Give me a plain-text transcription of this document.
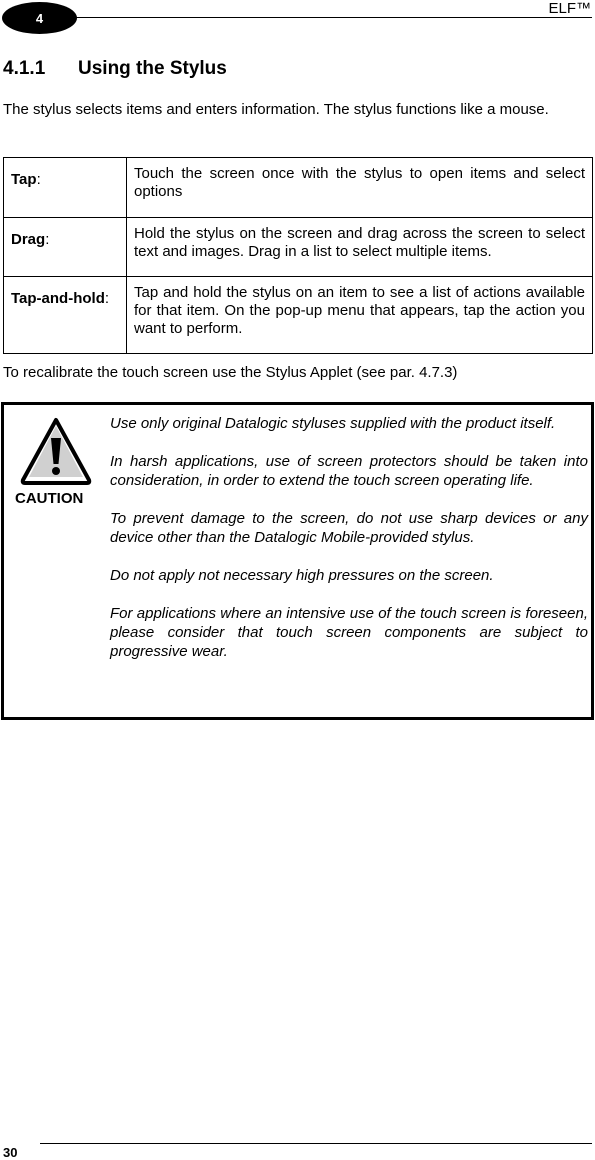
4
ELF™
4.1.1	Using the Stylus

The stylus selects items and enters information. The stylus functions like a mouse.

Tap:	Touch the screen once with the stylus to open items and select options
Drag:	Hold the stylus on the screen and drag across the screen to select text and images. Drag in a list to select multiple items.
Tap-and-hold:	Tap and hold the stylus on an item to see a list of actions available for that item. On the pop-up menu that appears, tap the action you want to perform.
To recalibrate the touch screen use the Stylus Applet (see par. 4.7.3)
CAUTION

Use only original Datalogic styluses supplied with the product itself.

In harsh applications, use of screen protectors should be taken into consideration, in order to extend the touch screen operating life.

To prevent damage to the screen, do not use sharp devices or any device other than the Datalogic Mobile-provided stylus.

Do not apply not necessary high pressures on the screen.

For applications where an intensive use of the touch screen is foreseen, please consider that touch screen components are subject to progressive wear.

30
